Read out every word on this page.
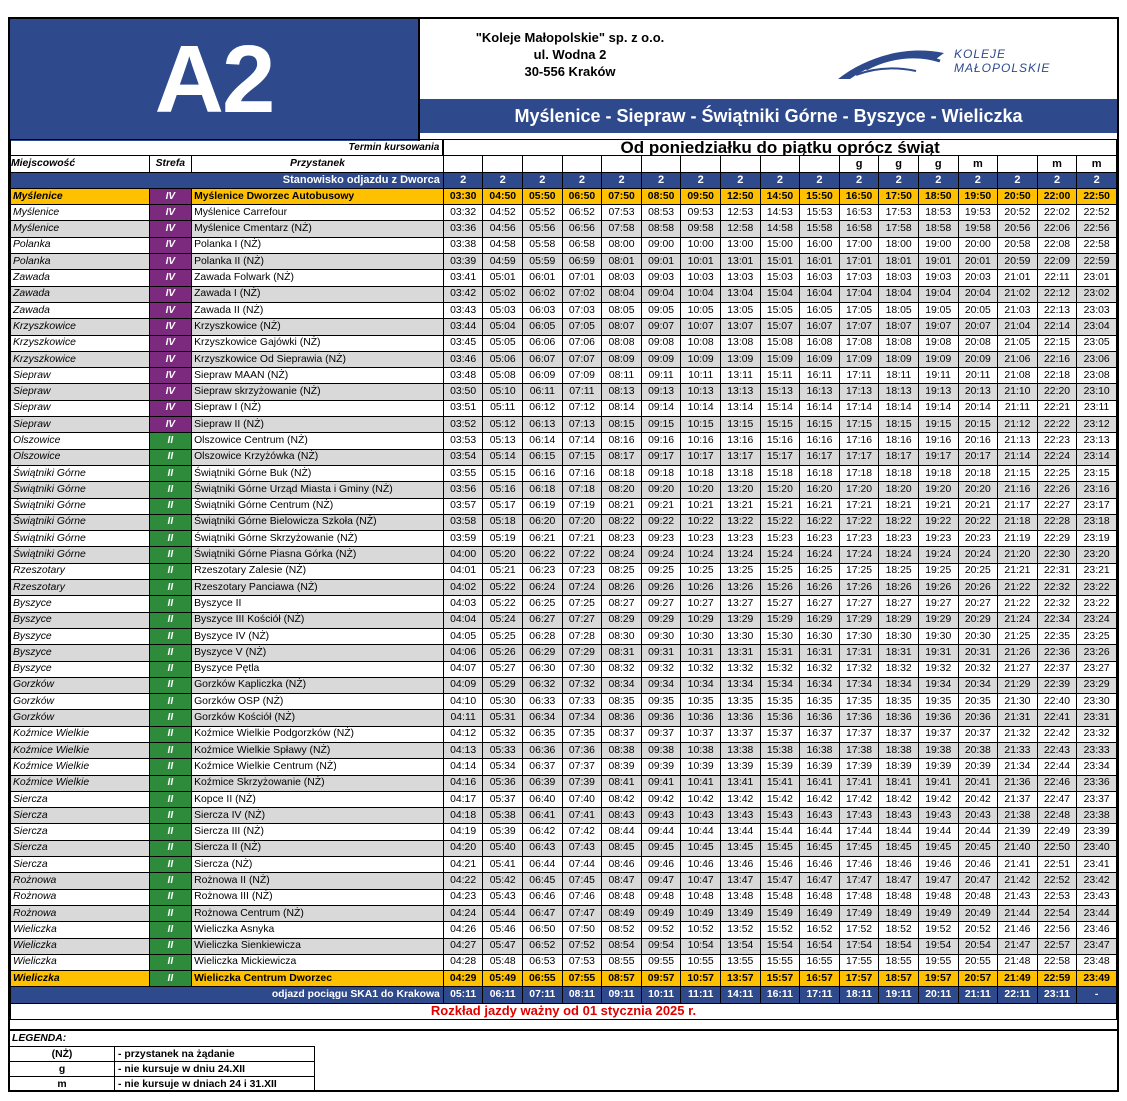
A2	"Koleje Małopolskie" sp. z o.o.
ul. Wodna 2
30-556 Kraków
KOLEJE
MAŁOPOLSKIE
Myślenice - Siepraw - Świątniki Górne - Byszyce - Wieliczka
Termin kursowania			Od poniedziałku do piątku oprócz świąt																
Miejscowość	Strefa	Przystanek											g	g	g	m		m	m
Stanowisko odjazdu z Dworca			2	2	2	2	2	2	2	2	2	2	2	2	2	2	2	2	2
Myślenice	IV	Myślenice Dworzec Autobusowy	03:30	04:50	05:50	06:50	07:50	08:50	09:50	12:50	14:50	15:50	16:50	17:50	18:50	19:50	20:50	22:00	22:50
Myślenice	IV	Myślenice Carrefour	03:32	04:52	05:52	06:52	07:53	08:53	09:53	12:53	14:53	15:53	16:53	17:53	18:53	19:53	20:52	22:02	22:52
Myślenice	IV	Myślenice Cmentarz (NŻ)	03:36	04:56	05:56	06:56	07:58	08:58	09:58	12:58	14:58	15:58	16:58	17:58	18:58	19:58	20:56	22:06	22:56
Polanka	IV	Polanka I (NŻ)	03:38	04:58	05:58	06:58	08:00	09:00	10:00	13:00	15:00	16:00	17:00	18:00	19:00	20:00	20:58	22:08	22:58
Polanka	IV	Polanka II (NŻ)	03:39	04:59	05:59	06:59	08:01	09:01	10:01	13:01	15:01	16:01	17:01	18:01	19:01	20:01	20:59	22:09	22:59
Zawada	IV	Zawada Folwark (NŻ)	03:41	05:01	06:01	07:01	08:03	09:03	10:03	13:03	15:03	16:03	17:03	18:03	19:03	20:03	21:01	22:11	23:01
Zawada	IV	Zawada I (NŻ)	03:42	05:02	06:02	07:02	08:04	09:04	10:04	13:04	15:04	16:04	17:04	18:04	19:04	20:04	21:02	22:12	23:02
Zawada	IV	Zawada II (NŻ)	03:43	05:03	06:03	07:03	08:05	09:05	10:05	13:05	15:05	16:05	17:05	18:05	19:05	20:05	21:03	22:13	23:03
Krzyszkowice	IV	Krzyszkowice (NŻ)	03:44	05:04	06:05	07:05	08:07	09:07	10:07	13:07	15:07	16:07	17:07	18:07	19:07	20:07	21:04	22:14	23:04
Krzyszkowice	IV	Krzyszkowice Gajówki (NŻ)	03:45	05:05	06:06	07:06	08:08	09:08	10:08	13:08	15:08	16:08	17:08	18:08	19:08	20:08	21:05	22:15	23:05
Krzyszkowice	IV	Krzyszkowice Od Sieprawia (NŻ)	03:46	05:06	06:07	07:07	08:09	09:09	10:09	13:09	15:09	16:09	17:09	18:09	19:09	20:09	21:06	22:16	23:06
Siepraw	IV	Siepraw MAAN (NŻ)	03:48	05:08	06:09	07:09	08:11	09:11	10:11	13:11	15:11	16:11	17:11	18:11	19:11	20:11	21:08	22:18	23:08
Siepraw	IV	Siepraw skrzyżowanie (NŻ)	03:50	05:10	06:11	07:11	08:13	09:13	10:13	13:13	15:13	16:13	17:13	18:13	19:13	20:13	21:10	22:20	23:10
Siepraw	IV	Siepraw I (NŻ)	03:51	05:11	06:12	07:12	08:14	09:14	10:14	13:14	15:14	16:14	17:14	18:14	19:14	20:14	21:11	22:21	23:11
Siepraw	IV	Siepraw II (NŻ)	03:52	05:12	06:13	07:13	08:15	09:15	10:15	13:15	15:15	16:15	17:15	18:15	19:15	20:15	21:12	22:22	23:12
Olszowice	II	Olszowice Centrum (NŻ)	03:53	05:13	06:14	07:14	08:16	09:16	10:16	13:16	15:16	16:16	17:16	18:16	19:16	20:16	21:13	22:23	23:13
Olszowice	II	Olszowice Krzyżówka (NŻ)	03:54	05:14	06:15	07:15	08:17	09:17	10:17	13:17	15:17	16:17	17:17	18:17	19:17	20:17	21:14	22:24	23:14
Świątniki Górne	II	Świątniki Górne Buk (NŻ)	03:55	05:15	06:16	07:16	08:18	09:18	10:18	13:18	15:18	16:18	17:18	18:18	19:18	20:18	21:15	22:25	23:15
Świątniki Górne	II	Świątniki Górne Urząd Miasta i Gminy (NŻ)	03:56	05:16	06:18	07:18	08:20	09:20	10:20	13:20	15:20	16:20	17:20	18:20	19:20	20:20	21:16	22:26	23:16
Świątniki Górne	II	Świątniki Górne Centrum (NŻ)	03:57	05:17	06:19	07:19	08:21	09:21	10:21	13:21	15:21	16:21	17:21	18:21	19:21	20:21	21:17	22:27	23:17
Świątniki Górne	II	Świątniki Górne Bielowicza Szkoła (NŻ)	03:58	05:18	06:20	07:20	08:22	09:22	10:22	13:22	15:22	16:22	17:22	18:22	19:22	20:22	21:18	22:28	23:18
Świątniki Górne	II	Świątniki Górne Skrzyżowanie (NŻ)	03:59	05:19	06:21	07:21	08:23	09:23	10:23	13:23	15:23	16:23	17:23	18:23	19:23	20:23	21:19	22:29	23:19
Świątniki Górne	II	Świątniki Górne Piasna Górka (NŻ)	04:00	05:20	06:22	07:22	08:24	09:24	10:24	13:24	15:24	16:24	17:24	18:24	19:24	20:24	21:20	22:30	23:20
Rzeszotary	II	Rzeszotary Zalesie (NŻ)	04:01	05:21	06:23	07:23	08:25	09:25	10:25	13:25	15:25	16:25	17:25	18:25	19:25	20:25	21:21	22:31	23:21
Rzeszotary	II	Rzeszotary Panciawa (NŻ)	04:02	05:22	06:24	07:24	08:26	09:26	10:26	13:26	15:26	16:26	17:26	18:26	19:26	20:26	21:22	22:32	23:22
Byszyce	II	Byszyce II	04:03	05:22	06:25	07:25	08:27	09:27	10:27	13:27	15:27	16:27	17:27	18:27	19:27	20:27	21:22	22:32	23:22
Byszyce	II	Byszyce III Kościół (NŻ)	04:04	05:24	06:27	07:27	08:29	09:29	10:29	13:29	15:29	16:29	17:29	18:29	19:29	20:29	21:24	22:34	23:24
Byszyce	II	Byszyce IV (NŻ)	04:05	05:25	06:28	07:28	08:30	09:30	10:30	13:30	15:30	16:30	17:30	18:30	19:30	20:30	21:25	22:35	23:25
Byszyce	II	Byszyce V (NŻ)	04:06	05:26	06:29	07:29	08:31	09:31	10:31	13:31	15:31	16:31	17:31	18:31	19:31	20:31	21:26	22:36	23:26
Byszyce	II	Byszyce Pętla	04:07	05:27	06:30	07:30	08:32	09:32	10:32	13:32	15:32	16:32	17:32	18:32	19:32	20:32	21:27	22:37	23:27
Gorzków	II	Gorzków Kapliczka (NŻ)	04:09	05:29	06:32	07:32	08:34	09:34	10:34	13:34	15:34	16:34	17:34	18:34	19:34	20:34	21:29	22:39	23:29
Gorzków	II	Gorzków OSP (NŻ)	04:10	05:30	06:33	07:33	08:35	09:35	10:35	13:35	15:35	16:35	17:35	18:35	19:35	20:35	21:30	22:40	23:30
Gorzków	II	Gorzków Kościół (NŻ)	04:11	05:31	06:34	07:34	08:36	09:36	10:36	13:36	15:36	16:36	17:36	18:36	19:36	20:36	21:31	22:41	23:31
Koźmice Wielkie	II	Koźmice Wielkie Podgorzków (NŻ)	04:12	05:32	06:35	07:35	08:37	09:37	10:37	13:37	15:37	16:37	17:37	18:37	19:37	20:37	21:32	22:42	23:32
Koźmice Wielkie	II	Koźmice Wielkie Spławy (NŻ)	04:13	05:33	06:36	07:36	08:38	09:38	10:38	13:38	15:38	16:38	17:38	18:38	19:38	20:38	21:33	22:43	23:33
Koźmice Wielkie	II	Koźmice Wielkie Centrum (NŻ)	04:14	05:34	06:37	07:37	08:39	09:39	10:39	13:39	15:39	16:39	17:39	18:39	19:39	20:39	21:34	22:44	23:34
Koźmice Wielkie	II	Koźmice Skrzyżowanie (NŻ)	04:16	05:36	06:39	07:39	08:41	09:41	10:41	13:41	15:41	16:41	17:41	18:41	19:41	20:41	21:36	22:46	23:36
Siercza	II	Kopce II (NŻ)	04:17	05:37	06:40	07:40	08:42	09:42	10:42	13:42	15:42	16:42	17:42	18:42	19:42	20:42	21:37	22:47	23:37
Siercza	II	Siercza IV (NŻ)	04:18	05:38	06:41	07:41	08:43	09:43	10:43	13:43	15:43	16:43	17:43	18:43	19:43	20:43	21:38	22:48	23:38
Siercza	II	Siercza III (NŻ)	04:19	05:39	06:42	07:42	08:44	09:44	10:44	13:44	15:44	16:44	17:44	18:44	19:44	20:44	21:39	22:49	23:39
Siercza	II	Siercza II (NŻ)	04:20	05:40	06:43	07:43	08:45	09:45	10:45	13:45	15:45	16:45	17:45	18:45	19:45	20:45	21:40	22:50	23:40
Siercza	II	Siercza (NŻ)	04:21	05:41	06:44	07:44	08:46	09:46	10:46	13:46	15:46	16:46	17:46	18:46	19:46	20:46	21:41	22:51	23:41
Rożnowa	II	Rożnowa II (NŻ)	04:22	05:42	06:45	07:45	08:47	09:47	10:47	13:47	15:47	16:47	17:47	18:47	19:47	20:47	21:42	22:52	23:42
Rożnowa	II	Rożnowa III (NŻ)	04:23	05:43	06:46	07:46	08:48	09:48	10:48	13:48	15:48	16:48	17:48	18:48	19:48	20:48	21:43	22:53	23:43
Rożnowa	II	Rożnowa Centrum (NŻ)	04:24	05:44	06:47	07:47	08:49	09:49	10:49	13:49	15:49	16:49	17:49	18:49	19:49	20:49	21:44	22:54	23:44
Wieliczka	II	Wieliczka Asnyka	04:26	05:46	06:50	07:50	08:52	09:52	10:52	13:52	15:52	16:52	17:52	18:52	19:52	20:52	21:46	22:56	23:46
Wieliczka	II	Wieliczka Sienkiewicza	04:27	05:47	06:52	07:52	08:54	09:54	10:54	13:54	15:54	16:54	17:54	18:54	19:54	20:54	21:47	22:57	23:47
Wieliczka	II	Wieliczka Mickiewicza	04:28	05:48	06:53	07:53	08:55	09:55	10:55	13:55	15:55	16:55	17:55	18:55	19:55	20:55	21:48	22:58	23:48
Wieliczka	II	Wieliczka Centrum Dworzec	04:29	05:49	06:55	07:55	08:57	09:57	10:57	13:57	15:57	16:57	17:57	18:57	19:57	20:57	21:49	22:59	23:49
odjazd pociągu SKA1 do Krakowa			05:11	06:11	07:11	08:11	09:11	10:11	11:11	14:11	16:11	17:11	18:11	19:11	20:11	21:11	22:11	23:11	-
Rozkład jazdy ważny od 01 stycznia 2025 r.																			
LEGENDA:
(NŻ)	- przystanek na żądanie
g	- nie kursuje w dniu 24.XII
m	- nie kursuje w dniach 24 i 31.XII
